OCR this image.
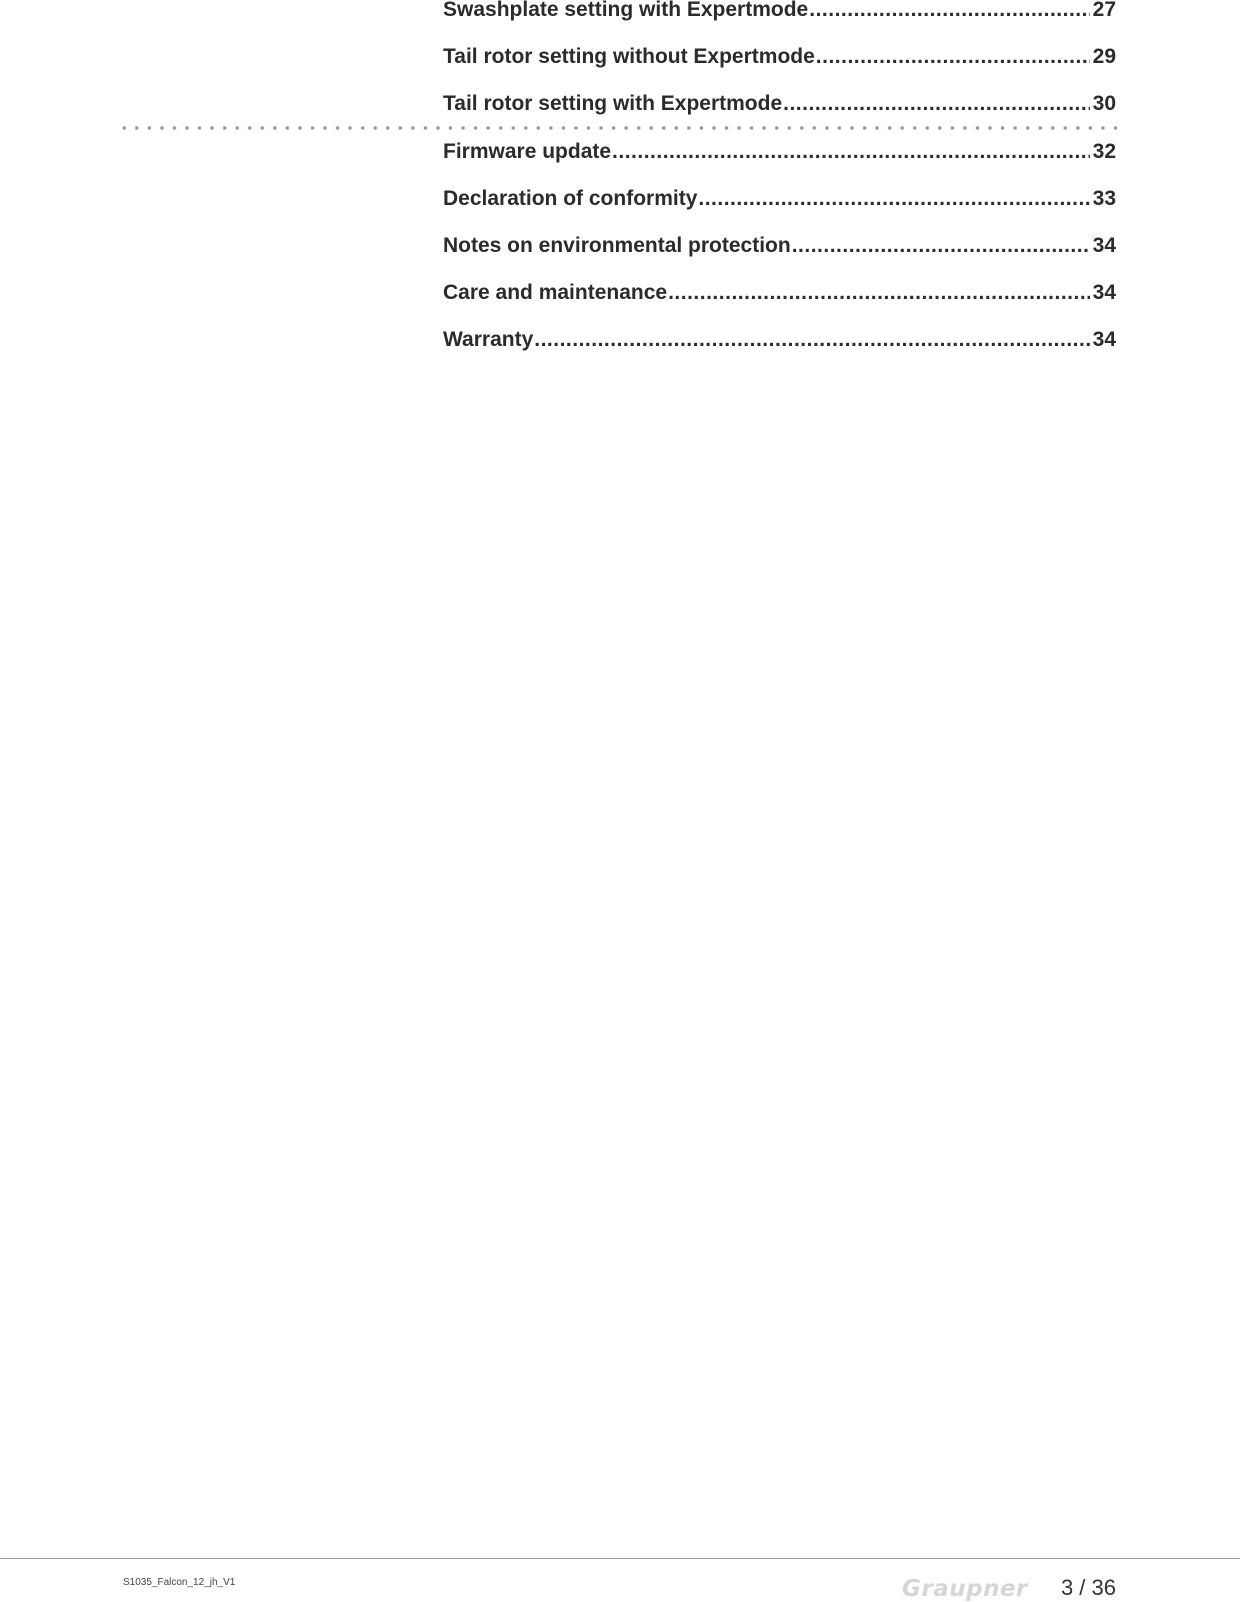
Swashplate setting with Expertmode .....	27
Tail rotor setting without Expertmode .....	29
Tail rotor setting with Expertmode .....	30
Firmware update .....	32
Declaration of conformity .....	33
Notes on environmental protection .....	34
Care and maintenance .....	34
Warranty .....	34
S1035_Falcon_12_jh_V1	Graupner 3 / 36
